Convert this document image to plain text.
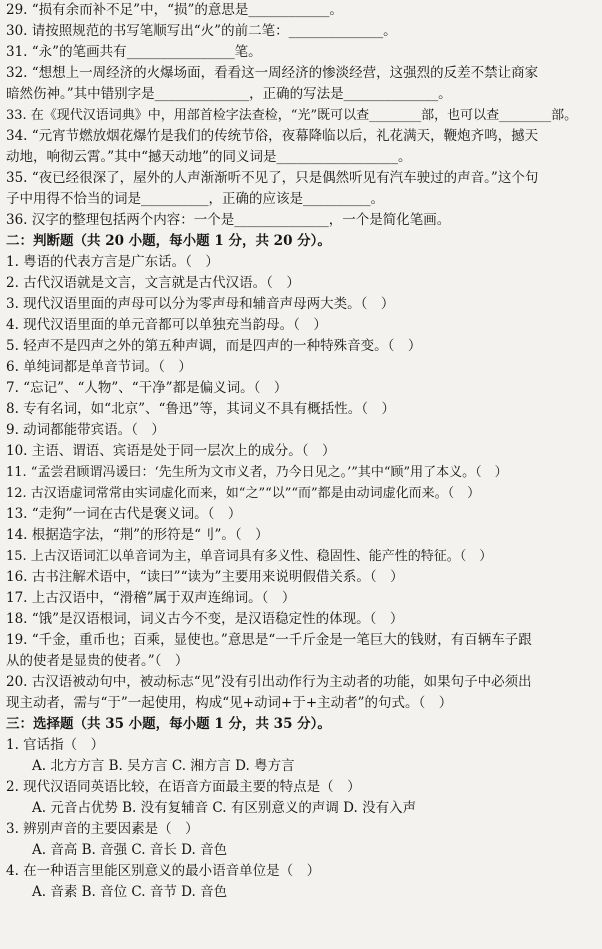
29. “损有余而补不足”中，“损”的意思是____________。
30. 请按照规范的书写笔顺写出“火”的前二笔：______________。
31. “永”的笔画共有________________笔。
32. “想想上一周经济的火爆场面，看看这一周经济的惨淡经营，这强烈的反差不禁让商家
暗然伤神。”其中错别字是______________，正确的写法是______________。
33. 在《现代汉语词典》中，用部首检字法查检，“光”既可以查________部，也可以查________部。
34. “元宵节燃放烟花爆竹是我们的传统节俗，夜幕降临以后，礼花满天，鞭炮齐鸣，撼天
动地，响彻云霄。”其中“撼天动地”的同义词是__________________。
35. “夜已经很深了，屋外的人声渐渐听不见了，只是偶然听见有汽车驶过的声音。”这个句
子中用得不恰当的词是__________，正确的应该是__________。
36. 汉字的整理包括两个内容：一个是______________，一个是简化笔画。
二：判断题（共 20 小题，每小题 1 分，共 20 分）。
1. 粤语的代表方言是广东话。（　）
2. 古代汉语就是文言，文言就是古代汉语。（　）
3. 现代汉语里面的声母可以分为零声母和辅音声母两大类。（　）
4. 现代汉语里面的单元音都可以单独充当韵母。（　）
5. 轻声不是四声之外的第五种声调，而是四声的一种特殊音变。（　）
6. 单纯词都是单音节词。（　）
7. “忘记”、“人物”、“干净”都是偏义词。（　）
8. 专有名词，如“北京”、“鲁迅”等，其词义不具有概括性。（　）
9. 动词都能带宾语。（　）
10. 主语、谓语、宾语是处于同一层次上的成分。（　）
11. “孟尝君顾谓冯谖曰：‘先生所为文市义者，乃今日见之。’”其中“顾”用了本义。（　）
12. 古汉语虚词常常由实词虚化而来，如“之”“以”“而”都是由动词虚化而来。（　）
13. “走狗”一词在古代是褒义词。（　）
14. 根据造字法，“荆”的形符是“刂”。（　）
15. 上古汉语词汇以单音词为主，单音词具有多义性、稳固性、能产性的特征。（　）
16. 古书注解术语中，“读曰”“读为”主要用来说明假借关系。（　）
17. 上古汉语中，“滑稽”属于双声连绵词。（　）
18. “饿”是汉语根词，词义古今不变，是汉语稳定性的体现。（　）
19. “千金，重币也；百乘，显使也。”意思是“一千斤金是一笔巨大的钱财，有百辆车子跟
从的使者是显贵的使者。”（　）
20. 古汉语被动句中，被动标志“见”没有引出动作行为主动者的功能，如果句子中必须出
现主动者，需与“于”一起使用，构成“见+动词+于+主动者”的句式。（　）
三：选择题（共 35 小题，每小题 1 分，共 35 分）。
1. 官话指（　）
A. 北方方言 B. 吴方言 C. 湘方言 D. 粤方言
2. 现代汉语同英语比较，在语音方面最主要的特点是（　）
A. 元音占优势 B. 没有复辅音 C. 有区别意义的声调 D. 没有入声
3. 辨别声音的主要因素是（　）
A. 音高 B. 音强 C. 音长 D. 音色
4. 在一种语言里能区别意义的最小语音单位是（　）
A. 音素 B. 音位 C. 音节 D. 音色
